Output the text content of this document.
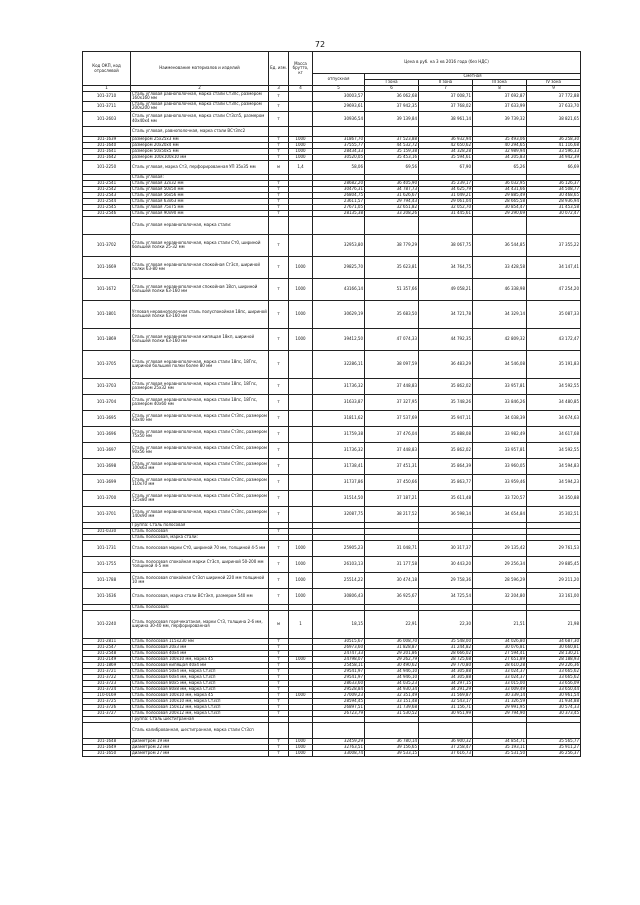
72
Код ОКП, код отраслевой	Наименование материалов и изделий	Ед. изм.	Масса брутто, кг	Цена в руб. на 3 кв 2016 года (без НДС)				
				отпускная	Сметная			
					I зона	II зона	III зона	IV зона
1	2	3	4	5	6	7	8	9
101-3710	Сталь угловая равнополочная, марка стали Ст3пс, размером 160х160 мм	т		30003,57	36 062,68	37 008,71	37 692,87	37 772,88
101-3711	Сталь угловая равнополочная, марка стали Ст3пс, размером 200х200 мм	т		29693,61	37 942,35	37 768,02	37 633,99	37 633,70
101-2603	Сталь угловая равнополочная, марка стали Ст3сп5, размером 40х40х4 мм	т		30936,54	39 139,84	38 961,14	39 739,32	38 821,65
	Сталь угловая, равнополочная, марка стали ВСт3пс2							
101-1639	размером 25х25х3 мм	т	1000	31867,70	37 523,88	36 932,94	35 493,06	36 258,30
101-1640	размером 20х20х4 мм	т	1000	37555,77	44 532,72	42 650,62	40 294,65	41 116,68
101-1641	размером 50х50х5 мм	т	1000	28434,33	35 159,38	34 328,28	32 989,94	33 596,33
101-1642	размером 100х100х10 мм	т	1000	30520,05	35 453,16	35 594,61	34 205,83	34 942,39
101-2250	Сталь угловая, марка Ст3, перфорированная УП 35х35 мм	м	1,4	58,06	69,56	67,90	65,26	66,69
	Сталь угловая:							
101-2541	Сталь угловая 32х32 мм	т		28682,20	36 405,90	35 239,17	36 032,95	36 126,37
101-2542	Сталь угловая 50х50 мм	т		30476,31	34 787,73	34 625,79	34 431,66	34 508,77
101-2543	Сталь угловая 56х56 мм	т		26804,75	31 626,67	31 049,21	29 885,49	30 468,65
101-2544	Сталь угловая 63х63 мм	т		23611,57	29 794,43	29 061,04	28 665,58	28 936,94
101-2545	Сталь угловая 75х75 мм	т		27671,05	32 651,82	32 052,70	30 854,47	31 453,58
101-2546	Сталь угловая 90х90 мм	т		28135,38	33 208,26	31 445,61	29 290,69	30 072,47
	Сталь угловая неравнополочная, марка стали:							
101-3702	Сталь угловая неравнополочная, марка стали Ст0, шириной большей полки 25-32 мм	т		32953,80	38 779,29	38 067,75	36 544,85	37 355,22
101-1669	Сталь угловая неравнополочная спокойная Ст3сп, шириной полки 63-80 мм	т	1000	29825,70	35 623,81	34 764,75	33 428,58	34 147,41
101-1672	Сталь угловая неравнополочная спокойная 18сп, шириной большей полки 63-160 мм	т	1000	43166,14	51 357,66	49 058,21	46 338,98	47 254,20
101-1801	Угловая неравнополочная сталь полуспокойная 18пс, шириной большей полки 63-160 мм	т	1000	30629,19	35 683,50	34 721,78	34 329,14	35 087,33
101-1869	Сталь угловая неравнополочная кипящая 18кп, шириной большей полки 63-160 мм	т	1000	39412,50	47 074,33	44 792,35	42 809,32	43 172,47
101-3705	Сталь угловая неравнополочная, марка стали 18пс, 18Гпс, шириной большей полки более 80 мм	т		32286,11	38 097,59	36 483,29	34 546,08	35 191,83
101-3703	Сталь угловая неравнополочная, марка стали 18пс, 18Гпс, размером 25х32 мм	т		31736,32	37 448,83	35 862,02	33 957,81	34 592,55
101-3704	Сталь угловая неравнополочная, марка стали 18пс, 18Гпс, размером 40х60 мм	т		31633,87	37 327,95	35 748,26	33 846,26	34 480,85
101-3695	Сталь угловая неравнополочная, марка стали Ст3пс, размером 63х40 мм	т		31811,62	37 537,69	35 947,11	34 038,39	34 674,63
101-3696	Сталь угловая неравнополочная, марка стали Ст3пс, размером 75х50 мм	т		31759,38	37 476,04	35 888,08	33 982,49	34 617,68
101-3697	Сталь угловая неравнополочная, марка стали Ст3пс, размером 90х56 мм	т		31736,32	37 448,83	35 862,02	33 957,81	34 592,55
101-3698	Сталь угловая неравнополочная, марка стали Ст3пс, размером 100х63 мм	т		31738,41	37 451,31	35 864,39	33 960,05	34 594,83
101-3699	Сталь угловая неравнополочная, марка стали Ст3пс, размером 110х70 мм	т		31737,86	37 450,66	35 863,77	33 959,46	34 594,23
101-3700	Сталь угловая неравнополочная, марка стали Ст3пс, размером 125х80 мм	т		31514,50	37 187,21	35 611,48	33 720,57	34 350,88
101-3701	Сталь угловая неравнополочная, марка стали Ст3пс, размером 140х90 мм	т		32087,75	38 217,52	36 598,14	34 654,84	35 302,51
	Группа: Сталь полосовая							
101-0330	Сталь полосовая	т						
	Сталь полосовая, марка стали:							
101-1731	Сталь полосовая марки Ст0, шириной 70 мм, толщиной 4-5 мм	т	1000	25905,23	31 048,71	30 317,37	29 135,42	29 761,53
101-1755	Сталь полосовая спокойная марки Ст3сп, шириной 50-200 мм толщиной 4-5 мм	т	1000	26103,13	31 177,58	30 443,20	29 256,34	29 885,45
101-1788	Сталь полосовая спокойная Ст3сп шириной 220 мм толщиной 10 мм	т	1000	25514,22	30 474,18	29 758,36	28 596,29	29 211,20
101-1636	Сталь полосовая, марка стали ВСт3кп, размером 540 мм	т	1000	30806,43	36 925,67	34 725,54	32 204,80	33 161,00
	Сталь полосовая:							
101-2240	Сталь полосовая горячекатаная, марки Ст3, толщина 2-6 мм, ширина 30-40 мм, перфорированная	м	1	18,15	22,91	22,30	21,51	21,98
101-2811	Сталь полосовая 115х230 мм	т		30515,67	36 008,70	35 548,00	34 026,80	34 687,30
101-2547	Сталь полосовая 20х3 мм	т		26973,60	31 828,87	31 244,82	30 076,81	30 660,81
101-2548	Сталь полосовая 40х4 мм	т		24747,33	29 201,86	28 666,02	27 594,41	28 130,21
101-2149	Сталь полосовая 100х10 мм, марка 45	т	1000	24798,07	29 262,79	28 725,68	27 651,89	28 188,93
101-1869	Сталь полосовая кипящая 40х4 мм	т		25458,11	30 490,62	29 770,80	28 610,28	29 226,36
101-3721	Сталь полосовая 50х4 мм, марка Ст3сп	т		29541,97	34 946,10	34 305,88	33 024,37	33 665,62
101-3722	Сталь полосовая 60х4 мм, марка Ст3сп	т		29541,97	34 946,10	34 305,88	33 024,37	33 665,62
101-3723	Сталь полосовая 80х5 мм, марка Ст3сп	т		28633,60	34 035,23	34 297,15	33 015,00	33 656,09
101-3724	Сталь полосовая 80х8 мм, марка Ст3сп	т		29528,84	34 930,34	34 291,29	33 009,49	33 650,44
110-0169	Сталь полосовая 100х10 мм, марка 45	т	1000	27009,23	32 351,49	31 569,87	30 339,14	30 961,54
101-3725	Сталь полосовая 100х10 мм, марка Ст3сп	т		28594,45	33 151,48	32 543,17	31 326,59	31 934,88
101-3726	Сталь полосовая 150х12 мм, марка Ст3сп	т		26897,51	31 739,68	31 156,71	29 991,95	30 574,33
101-3727	Сталь полосовая 200х12 мм, марка Ст3сп	т		26723,79	31 530,52	30 951,99	29 794,90	30 373,45
	Группа: Сталь шестигранная							
	Сталь калиброванная, шестигранная, марка стали Ст3сп							
101-1648	диаметром 19 мм	т	1000	32459,29	36 780,14	36 900,32	34 854,71	35 565,77
101-1649	диаметром 22 мм	т	1000	32763,51	39 156,65	37 258,47	35 193,11	35 911,27
101-1650	диаметром 27 мм	т	1000	33008,74	39 533,15	37 616,73	35 531,50	36 256,37
